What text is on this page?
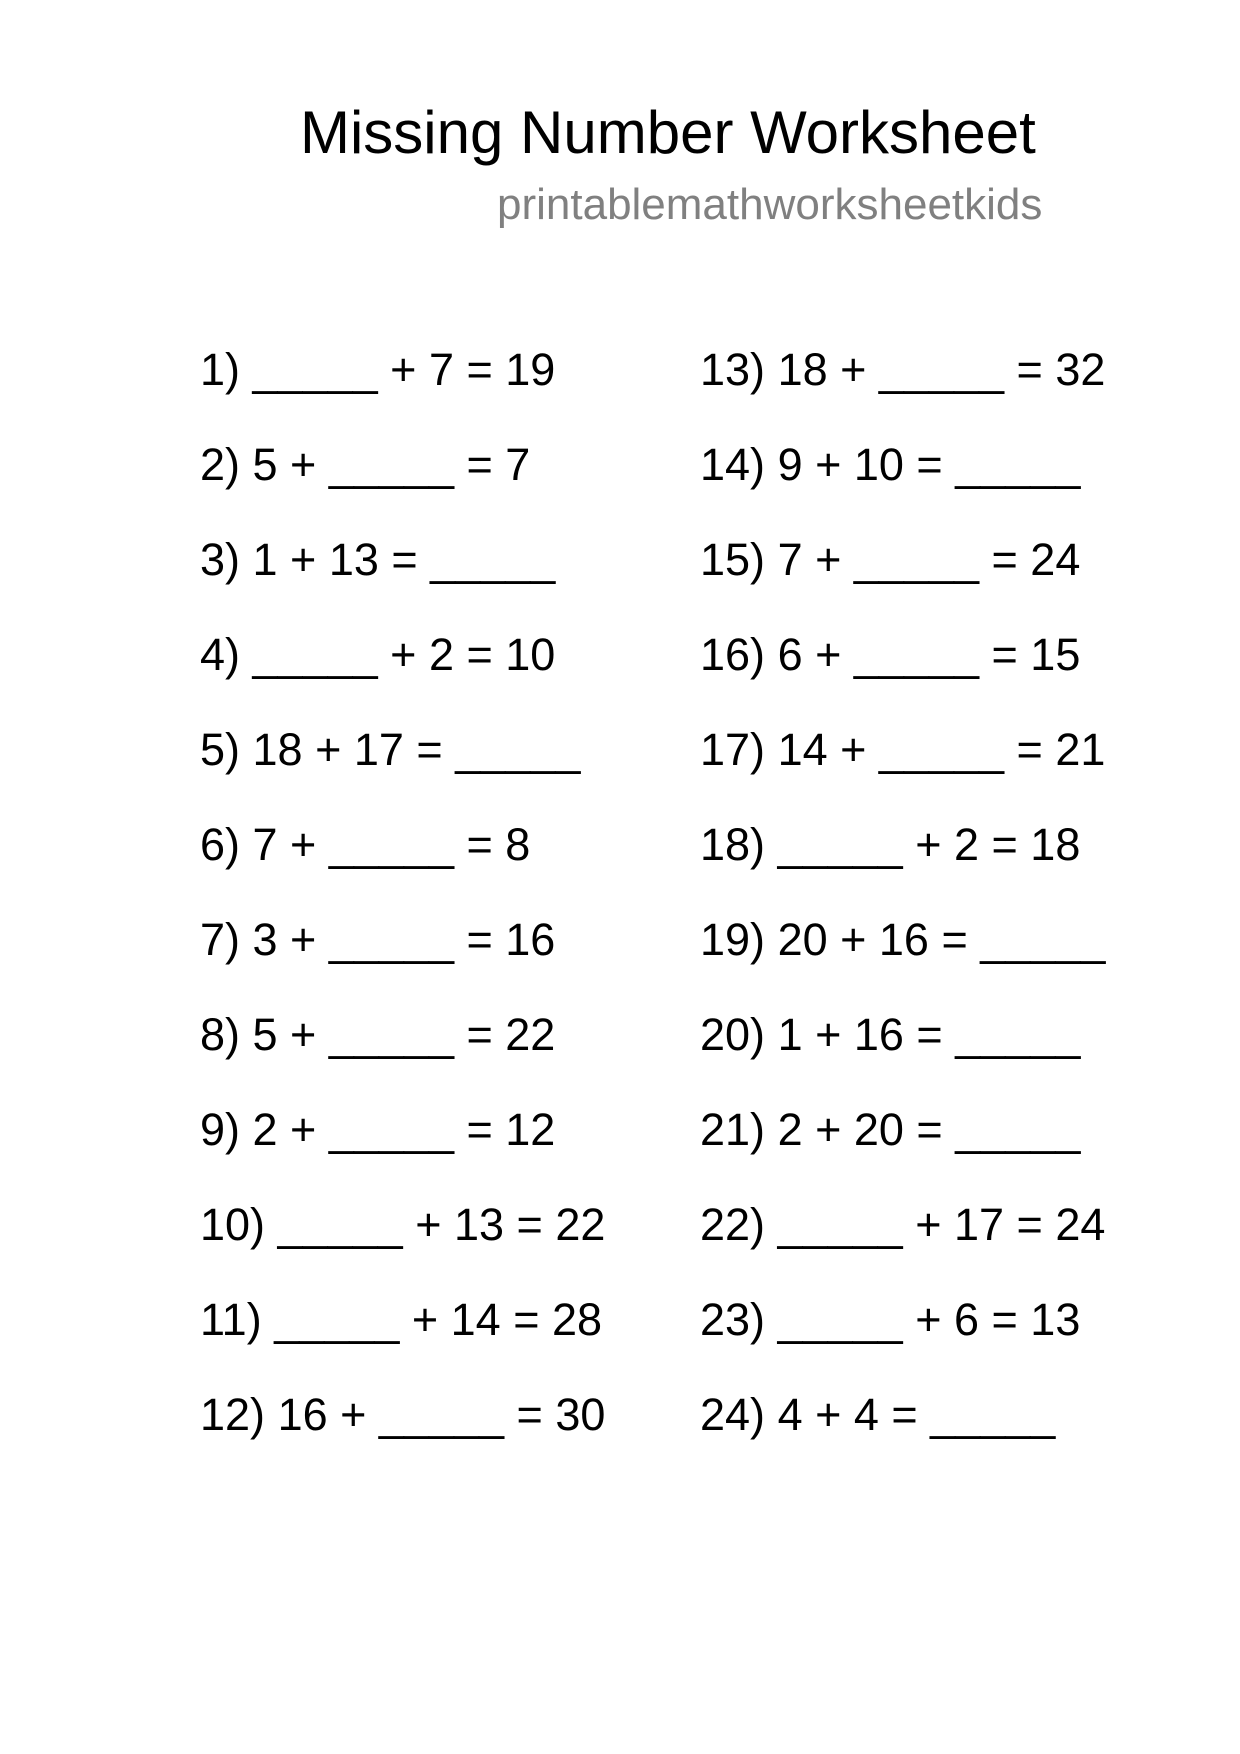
Missing Number Worksheet
printablemathworksheetkids
1) _____ + 7 = 19
2) 5 + _____ = 7
3) 1 + 13 = _____
4) _____ + 2 = 10
5) 18 + 17 = _____
6) 7 + _____ = 8
7) 3 + _____ = 16
8) 5 + _____ = 22
9) 2 + _____ = 12
10) _____ + 13 = 22
11) _____ + 14 = 28
12) 16 + _____ = 30
13) 18 + _____ = 32
14) 9 + 10 = _____
15) 7 + _____ = 24
16) 6 + _____ = 15
17) 14 + _____ = 21
18) _____ + 2 = 18
19) 20 + 16 = _____
20) 1 + 16 = _____
21) 2 + 20 = _____
22) _____ + 17 = 24
23) _____ + 6 = 13
24) 4 + 4 = _____
